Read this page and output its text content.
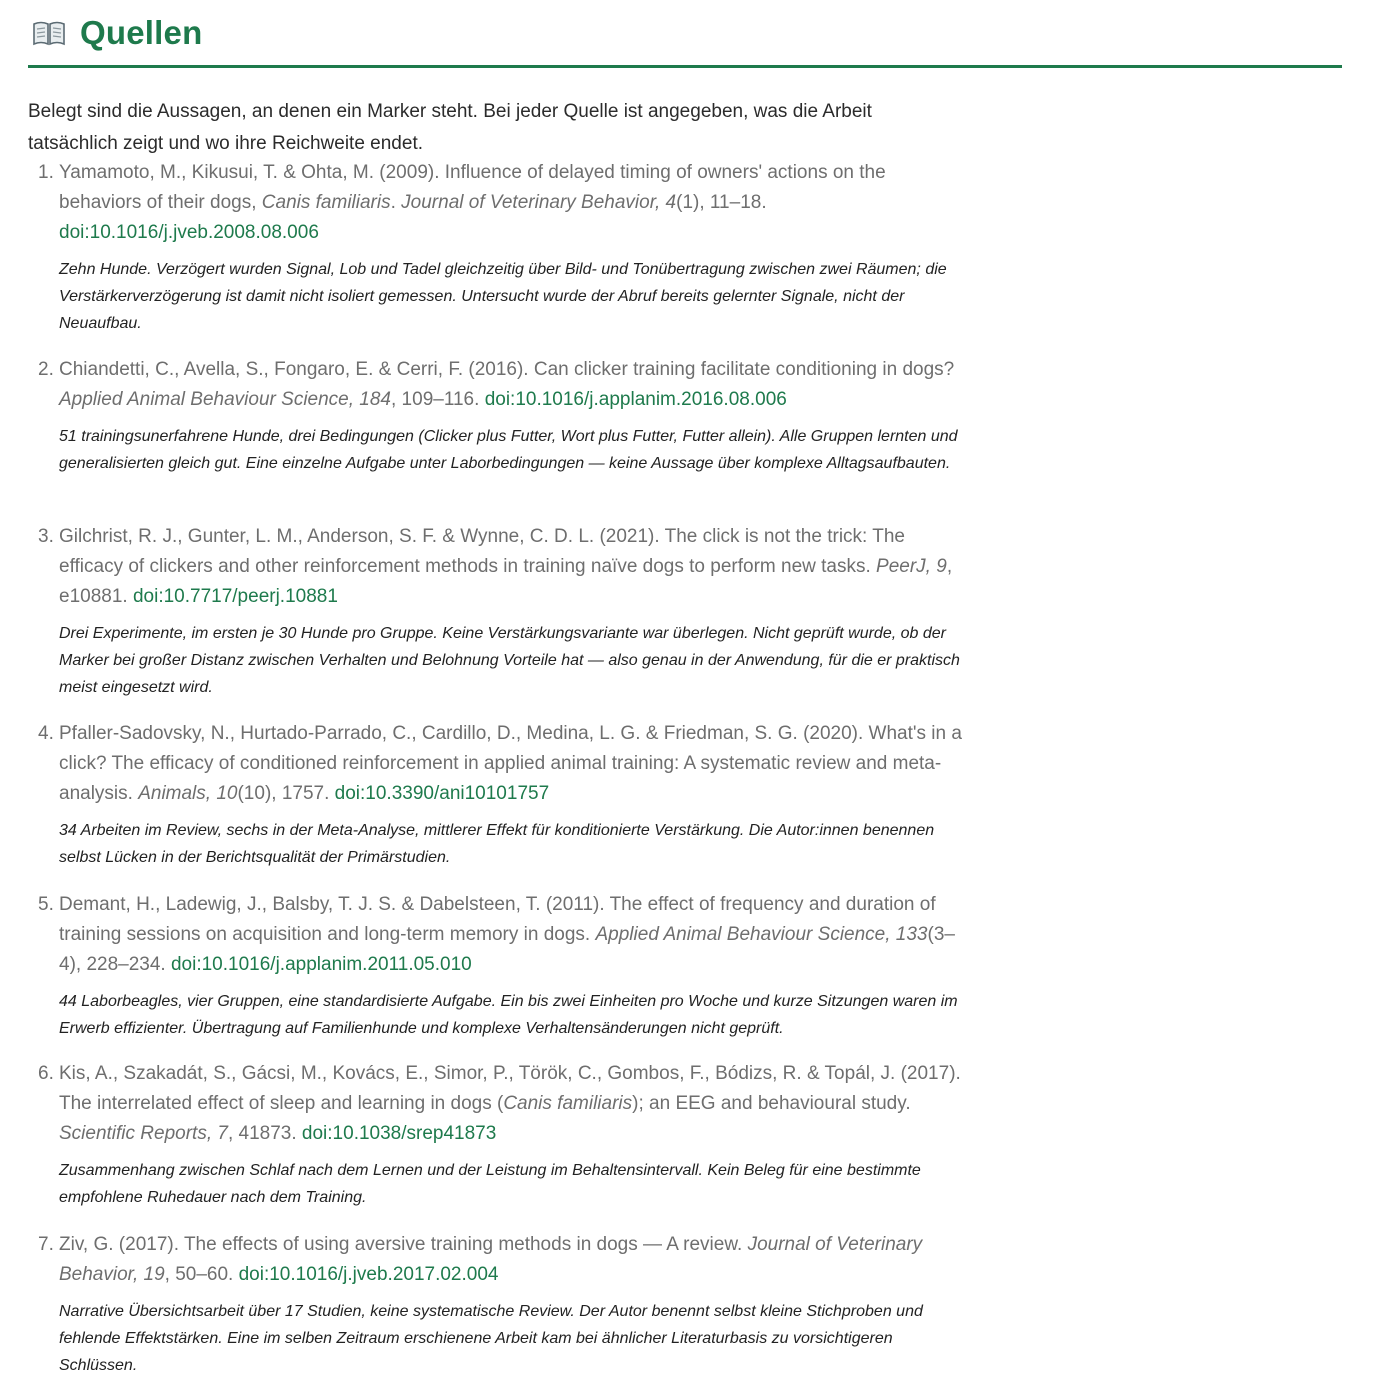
Quellen

Belegt sind die Aussagen, an denen ein Marker steht. Bei jeder Quelle ist angegeben, was die Arbeit tatsächlich zeigt und wo ihre Reichweite endet.

1. Yamamoto, M., Kikusui, T. & Ohta, M. (2009). Influence of delayed timing of owners' actions on the behaviors of their dogs, Canis familiaris. Journal of Veterinary Behavior, 4(1), 11–18. doi:10.1016/j.jveb.2008.08.006

Zehn Hunde. Verzögert wurden Signal, Lob und Tadel gleichzeitig über Bild- und Tonübertragung zwischen zwei Räumen; die Verstärkerverzögerung ist damit nicht isoliert gemessen. Untersucht wurde der Abruf bereits gelernter Signale, nicht der Neuaufbau.

2. Chiandetti, C., Avella, S., Fongaro, E. & Cerri, F. (2016). Can clicker training facilitate conditioning in dogs? Applied Animal Behaviour Science, 184, 109–116. doi:10.1016/j.applanim.2016.08.006

51 trainingsunerfahrene Hunde, drei Bedingungen (Clicker plus Futter, Wort plus Futter, Futter allein). Alle Gruppen lernten und generalisierten gleich gut. Eine einzelne Aufgabe unter Laborbedingungen — keine Aussage über komplexe Alltagsaufbauten.

3. Gilchrist, R. J., Gunter, L. M., Anderson, S. F. & Wynne, C. D. L. (2021). The click is not the trick: The efficacy of clickers and other reinforcement methods in training naïve dogs to perform new tasks. PeerJ, 9, e10881. doi:10.7717/peerj.10881

Drei Experimente, im ersten je 30 Hunde pro Gruppe. Keine Verstärkungsvariante war überlegen. Nicht geprüft wurde, ob der Marker bei großer Distanz zwischen Verhalten und Belohnung Vorteile hat — also genau in der Anwendung, für die er praktisch meist eingesetzt wird.

4. Pfaller-Sadovsky, N., Hurtado-Parrado, C., Cardillo, D., Medina, L. G. & Friedman, S. G. (2020). What's in a click? The efficacy of conditioned reinforcement in applied animal training: A systematic review and meta-analysis. Animals, 10(10), 1757. doi:10.3390/ani10101757

34 Arbeiten im Review, sechs in der Meta-Analyse, mittlerer Effekt für konditionierte Verstärkung. Die Autor:innen benennen selbst Lücken in der Berichtsqualität der Primärstudien.

5. Demant, H., Ladewig, J., Balsby, T. J. S. & Dabelsteen, T. (2011). The effect of frequency and duration of training sessions on acquisition and long-term memory in dogs. Applied Animal Behaviour Science, 133(3–4), 228–234. doi:10.1016/j.applanim.2011.05.010

44 Laborbeagles, vier Gruppen, eine standardisierte Aufgabe. Ein bis zwei Einheiten pro Woche und kurze Sitzungen waren im Erwerb effizienter. Übertragung auf Familienhunde und komplexe Verhaltensänderungen nicht geprüft.

6. Kis, A., Szakadát, S., Gácsi, M., Kovács, E., Simor, P., Török, C., Gombos, F., Bódizs, R. & Topál, J. (2017). The interrelated effect of sleep and learning in dogs (Canis familiaris); an EEG and behavioural study. Scientific Reports, 7, 41873. doi:10.1038/srep41873

Zusammenhang zwischen Schlaf nach dem Lernen und der Leistung im Behaltensintervall. Kein Beleg für eine bestimmte empfohlene Ruhedauer nach dem Training.

7. Ziv, G. (2017). The effects of using aversive training methods in dogs — A review. Journal of Veterinary Behavior, 19, 50–60. doi:10.1016/j.jveb.2017.02.004

Narrative Übersichtsarbeit über 17 Studien, keine systematische Review. Der Autor benennt selbst kleine Stichproben und fehlende Effektstärken. Eine im selben Zeitraum erschienene Arbeit kam bei ähnlicher Literaturbasis zu vorsichtigeren Schlüssen.
